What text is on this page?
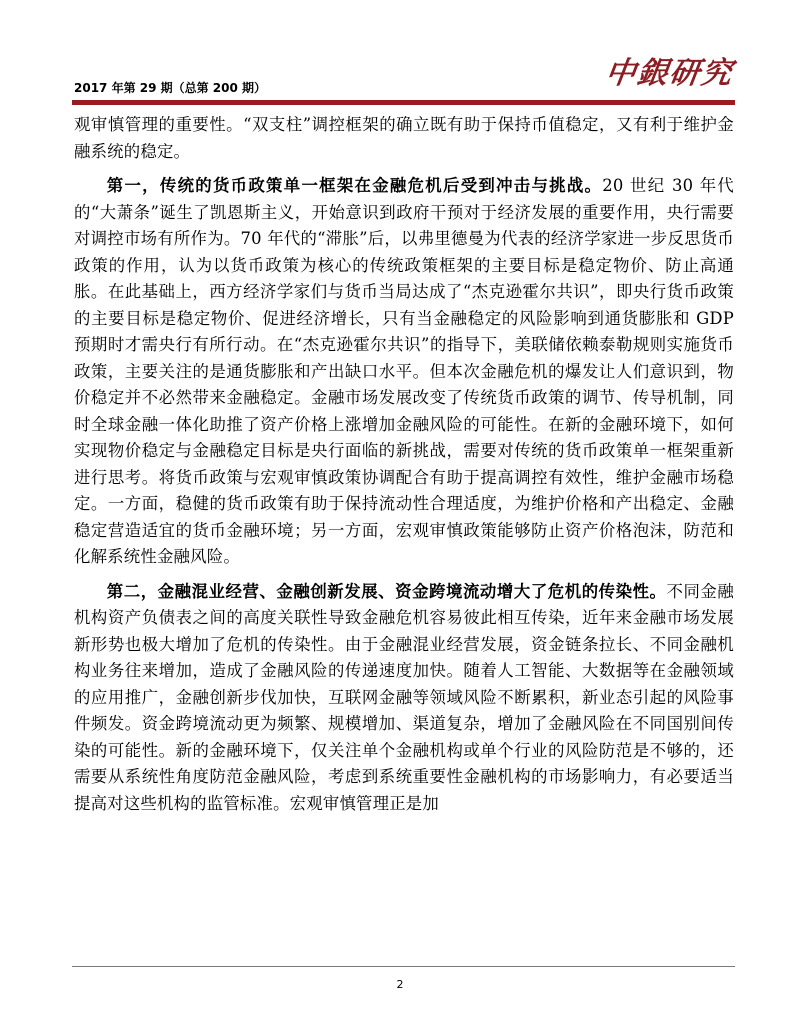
2017 年第 29 期（总第 200 期）	中銀研究

观审慎管理的重要性。“双支柱”调控框架的确立既有助于保持币值稳定，又有利于维护金融系统的稳定。

第一，传统的货币政策单一框架在金融危机后受到冲击与挑战。20 世纪 30 年代的“大萧条”诞生了凯恩斯主义，开始意识到政府干预对于经济发展的重要作用，央行需要对调控市场有所作为。70 年代的“滞胀”后，以弗里德曼为代表的经济学家进一步反思货币政策的作用，认为以货币政策为核心的传统政策框架的主要目标是稳定物价、防止高通胀。在此基础上，西方经济学家们与货币当局达成了“杰克逊霍尔共识”，即央行货币政策的主要目标是稳定物价、促进经济增长，只有当金融稳定的风险影响到通货膨胀和 GDP 预期时才需央行有所行动。在“杰克逊霍尔共识”的指导下，美联储依赖泰勒规则实施货币政策，主要关注的是通货膨胀和产出缺口水平。但本次金融危机的爆发让人们意识到，物价稳定并不必然带来金融稳定。金融市场发展改变了传统货币政策的调节、传导机制，同时全球金融一体化助推了资产价格上涨增加金融风险的可能性。在新的金融环境下，如何实现物价稳定与金融稳定目标是央行面临的新挑战，需要对传统的货币政策单一框架重新进行思考。将货币政策与宏观审慎政策协调配合有助于提高调控有效性，维护金融市场稳定。一方面，稳健的货币政策有助于保持流动性合理适度，为维护价格和产出稳定、金融稳定营造适宜的货币金融环境；另一方面，宏观审慎政策能够防止资产价格泡沫，防范和化解系统性金融风险。

第二，金融混业经营、金融创新发展、资金跨境流动增大了危机的传染性。不同金融机构资产负债表之间的高度关联性导致金融危机容易彼此相互传染，近年来金融市场发展新形势也极大增加了危机的传染性。由于金融混业经营发展，资金链条拉长、不同金融机构业务往来增加，造成了金融风险的传递速度加快。随着人工智能、大数据等在金融领域的应用推广，金融创新步伐加快，互联网金融等领域风险不断累积，新业态引起的风险事件频发。资金跨境流动更为频繁、规模增加、渠道复杂，增加了金融风险在不同国别间传染的可能性。新的金融环境下，仅关注单个金融机构或单个行业的风险防范是不够的，还需要从系统性角度防范金融风险，考虑到系统重要性金融机构的市场影响力，有必要适当提高对这些机构的监管标准。宏观审慎管理正是加

2
